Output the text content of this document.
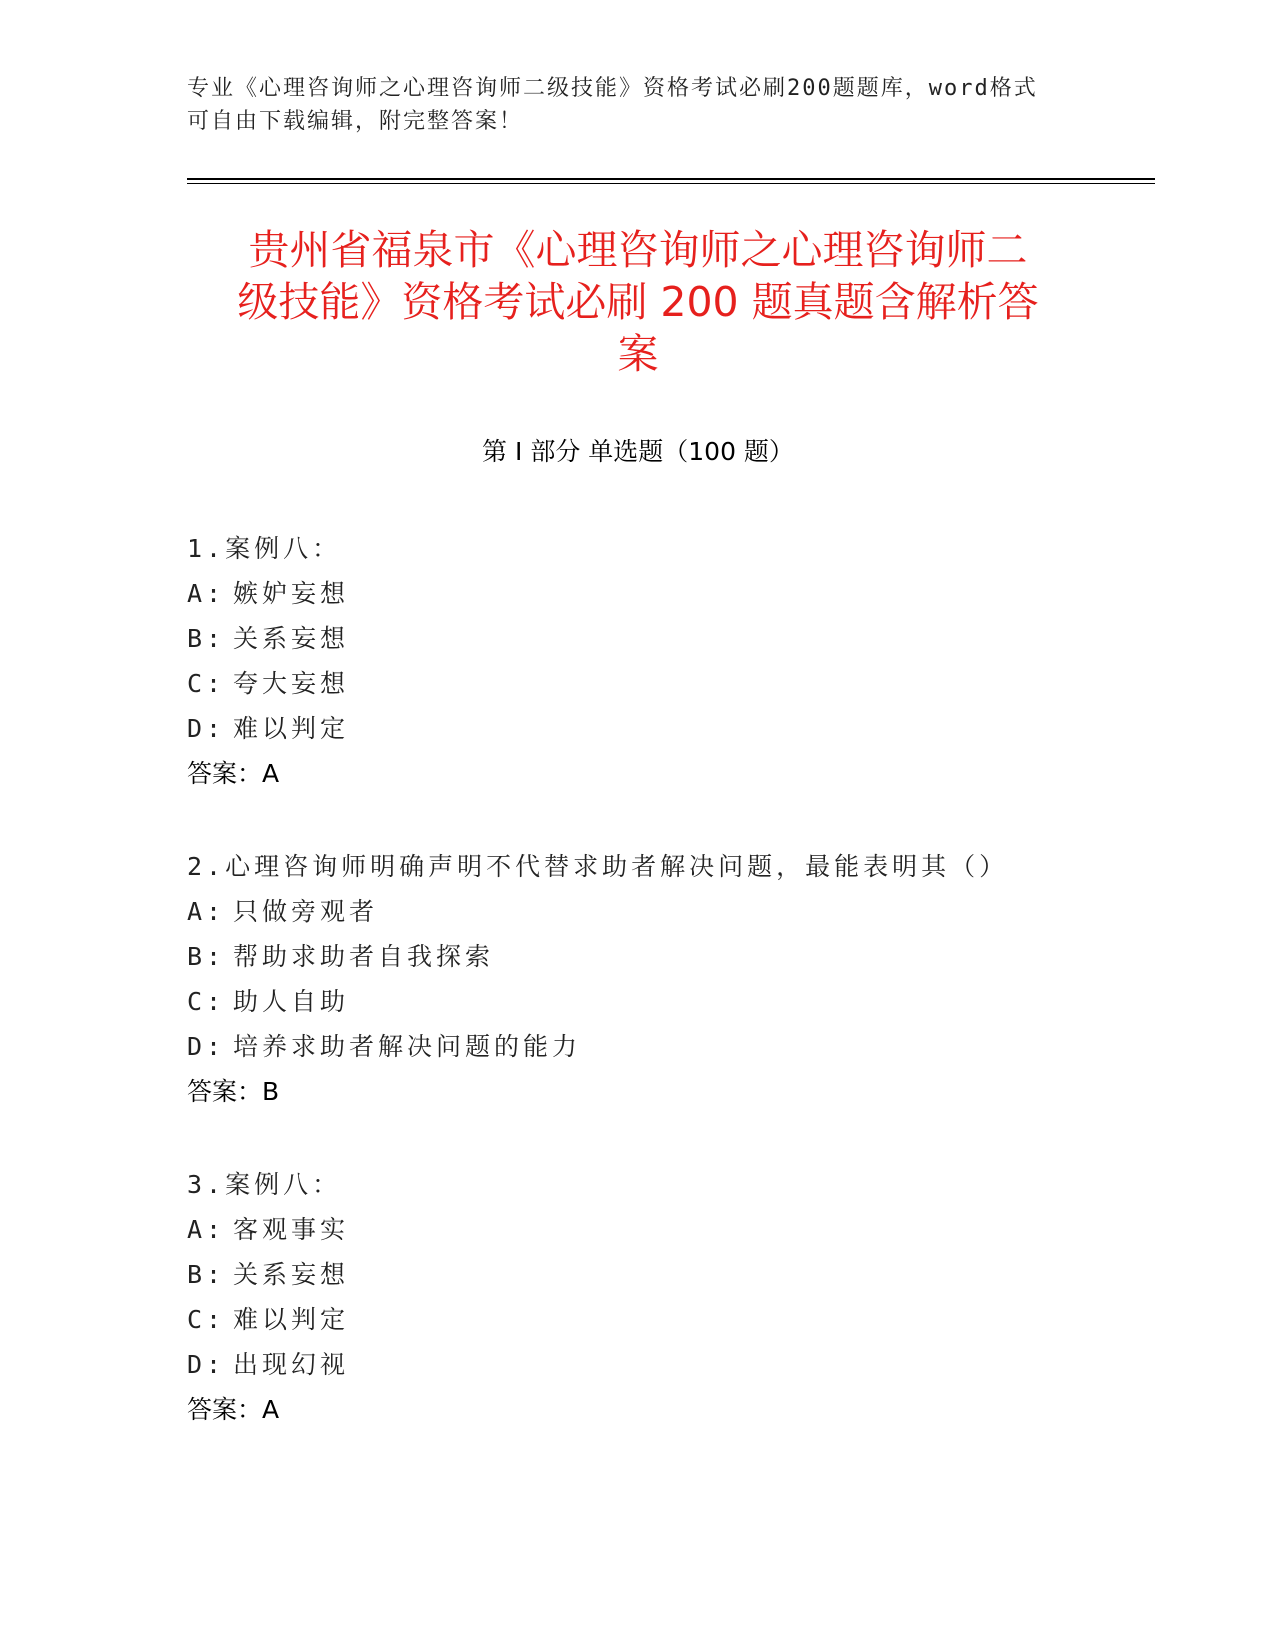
专业《心理咨询师之心理咨询师二级技能》资格考试必刷200题题库，word格式
可自由下载编辑，附完整答案！
贵州省福泉市《心理咨询师之心理咨询师二
级技能》资格考试必刷 200 题真题含解析答
案
第 I 部分 单选题（100 题）
1.案例八：
A: 嫉妒妄想
B: 关系妄想
C: 夸大妄想
D: 难以判定
答案：A
2.心理咨询师明确声明不代替求助者解决问题，最能表明其（）
A: 只做旁观者
B: 帮助求助者自我探索
C: 助人自助
D: 培养求助者解决问题的能力
答案：B
3.案例八：
A: 客观事实
B: 关系妄想
C: 难以判定
D: 出现幻视
答案：A
